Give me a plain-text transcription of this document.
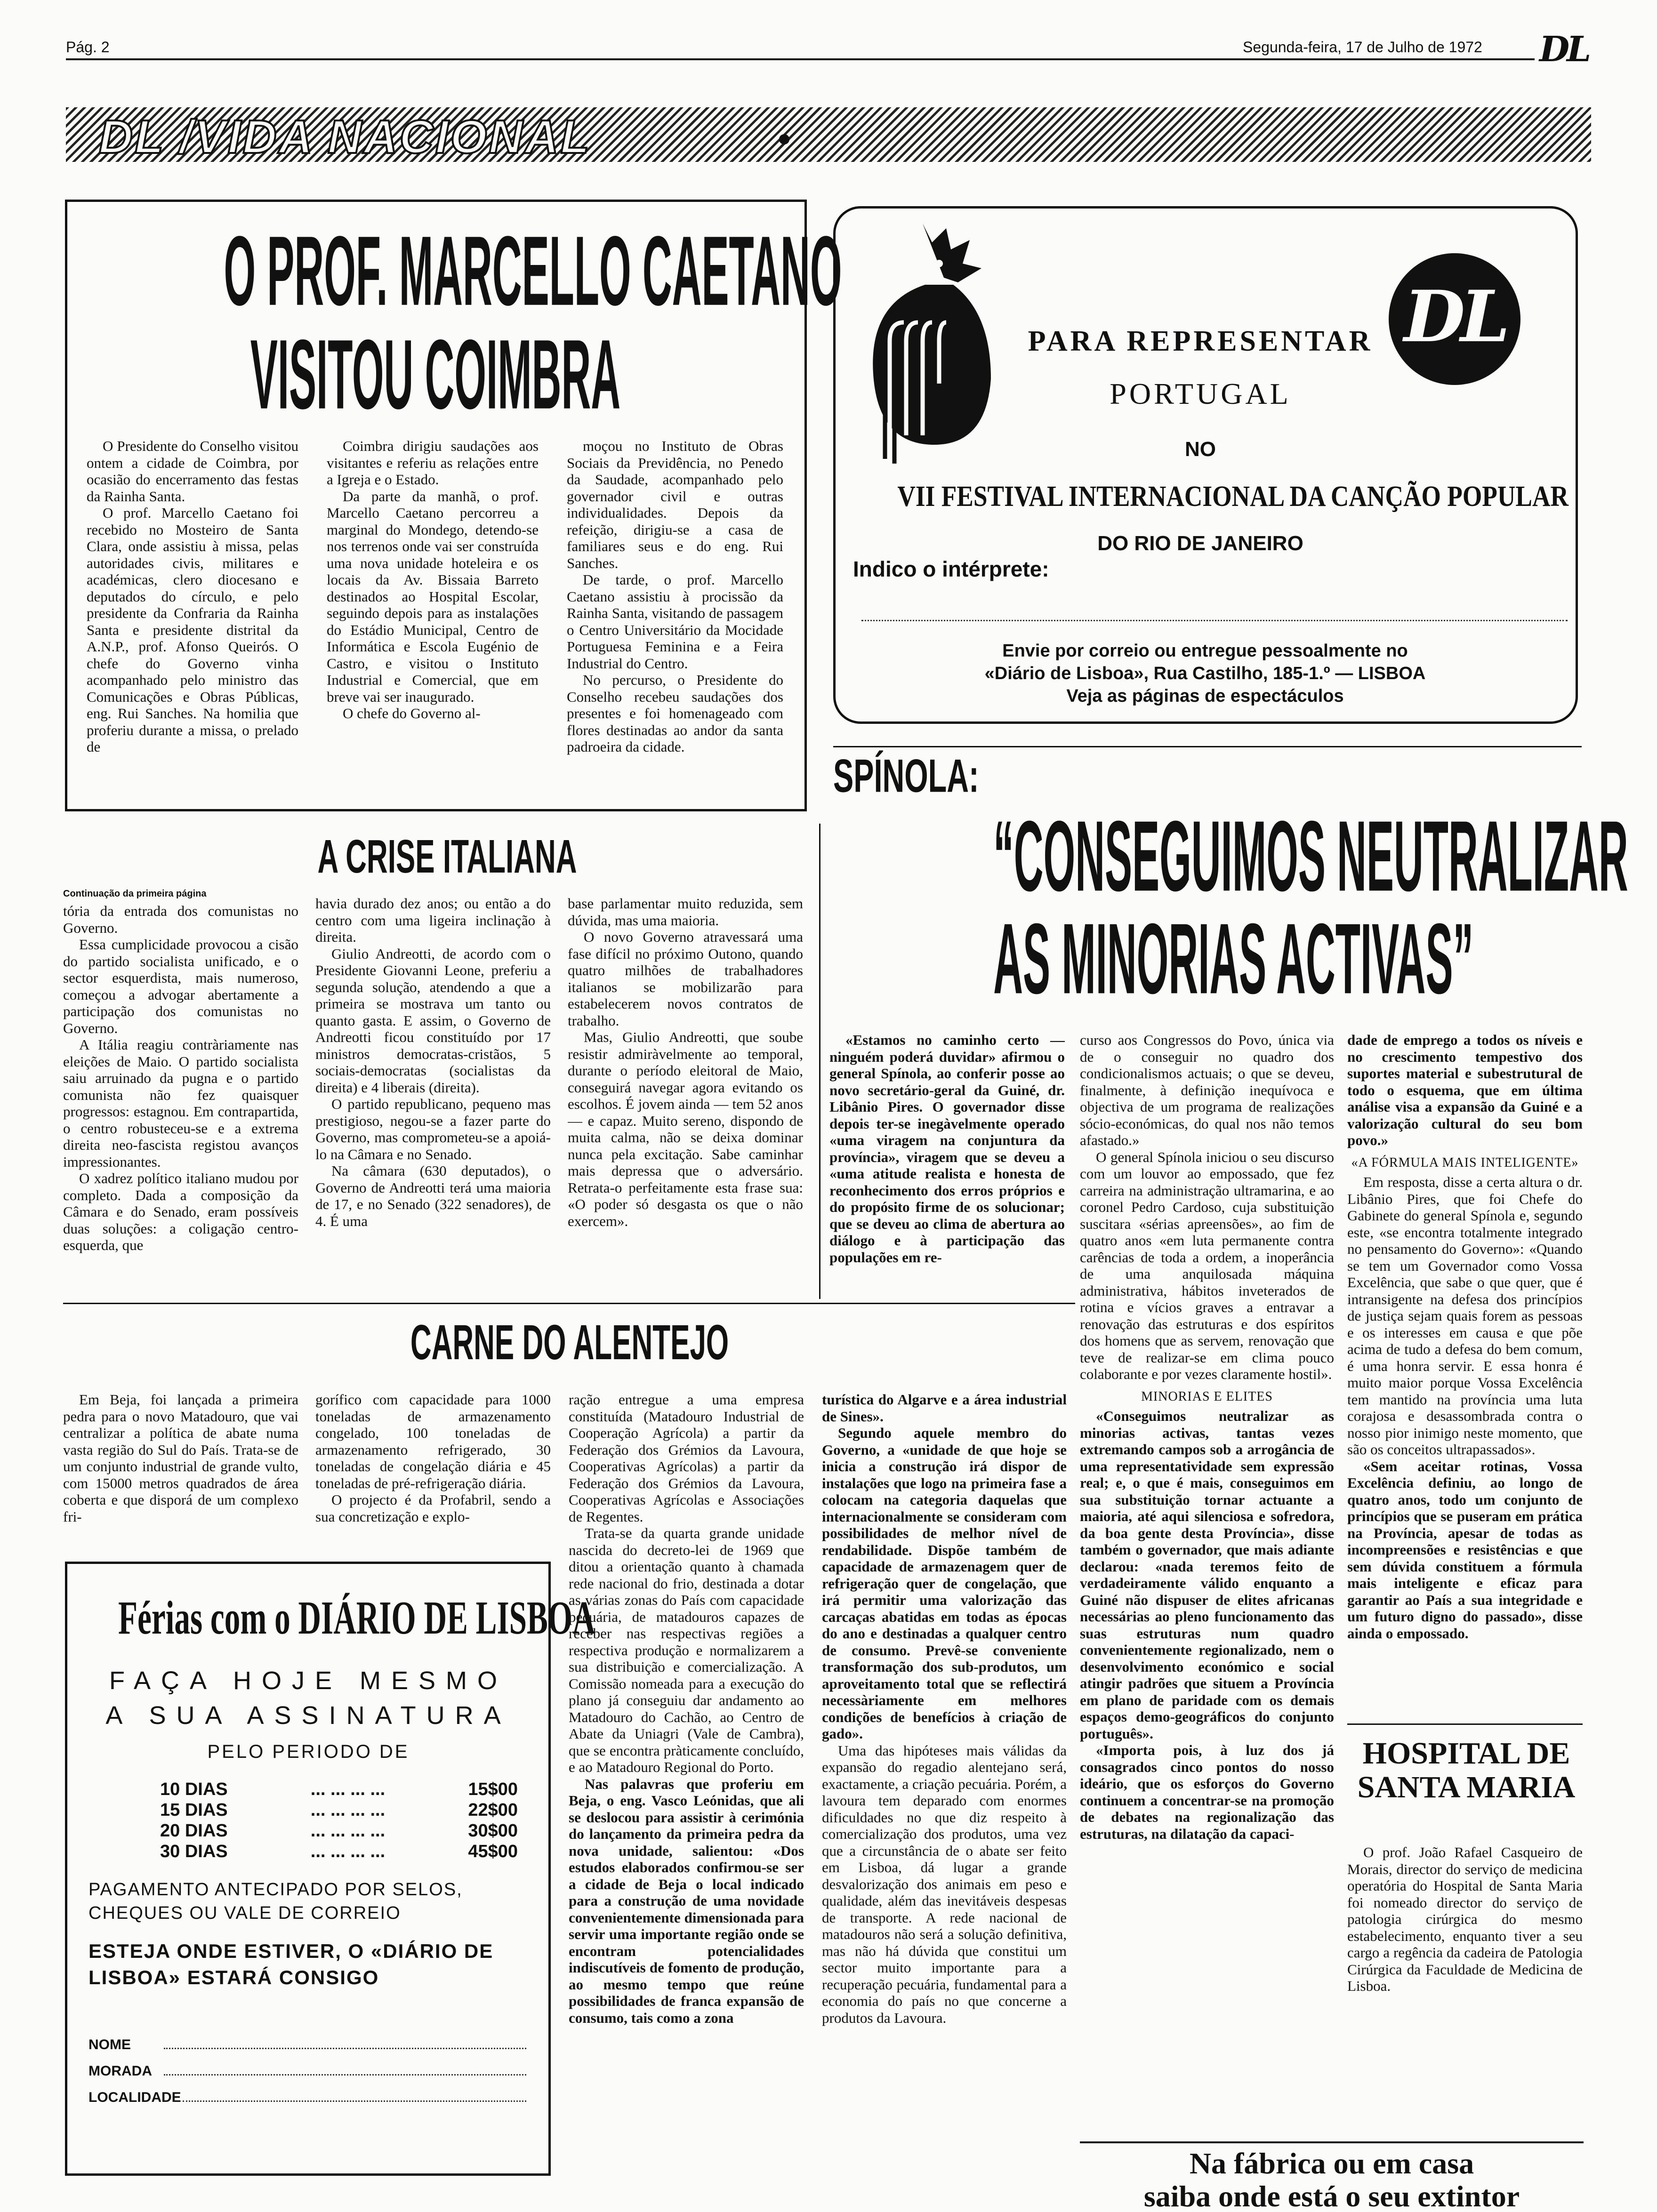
Pág. 2	Segunda-feira, 17 de Julho de 1972 DL
DL /VIDA NACIONAL
O PROF. MARCELLO CAETANO
VISITOU COIMBRA

O Presidente do Conselho visitou ontem a cidade de Coimbra, por ocasião do encerramento das festas da Rainha Santa.

O prof. Marcello Caetano foi recebido no Mosteiro de Santa Clara, onde assistiu à missa, pelas autoridades civis, militares e académicas, clero diocesano e deputados do círculo, e pelo presidente da Confraria da Rainha Santa e presidente distrital da A.N.P., prof. Afonso Queirós. O chefe do Governo vinha acompanhado pelo ministro das Comunicações e Obras Públicas, eng. Rui Sanches. Na homilia que proferiu durante a missa, o prelado de

Coimbra dirigiu saudações aos visitantes e referiu as relações entre a Igreja e o Estado.

Da parte da manhã, o prof. Marcello Caetano percorreu a marginal do Mondego, detendo-se nos terrenos onde vai ser construída uma nova unidade hoteleira e os locais da Av. Bissaia Barreto destinados ao Hospital Escolar, seguindo depois para as instalações do Estádio Municipal, Centro de Informática e Escola Eugénio de Castro, e visitou o Instituto Industrial e Comercial, que em breve vai ser inaugurado.

O chefe do Governo al-

moçou no Instituto de Obras Sociais da Previdência, no Penedo da Saudade, acompanhado pelo governador civil e outras individualidades. Depois da refeição, dirigiu-se a casa de familiares seus e do eng. Rui Sanches.

De tarde, o prof. Marcello Caetano assistiu à procissão da Rainha Santa, visitando de passagem o Centro Universitário da Mocidade Portuguesa Feminina e a Feira Industrial do Centro.

No percurso, o Presidente do Conselho recebeu saudações dos presentes e foi homenageado com flores destinadas ao andor da santa padroeira da cidade.

DL
PARA REPRESENTAR
PORTUGAL
NO
VII FESTIVAL INTERNACIONAL DA CANÇÃO POPULAR
DO RIO DE JANEIRO
Indico o intérprete:
Envie por correio ou entregue pessoalmente no
«Diário de Lisboa», Rua Castilho, 185-1.º — LISBOA
Veja as páginas de espectáculos
A CRISE ITALIANA
Continuação da primeira página

tória da entrada dos comunistas no Governo.

Essa cumplicidade provocou a cisão do partido socialista unificado, e o sector esquerdista, mais numeroso, começou a advogar abertamente a participação dos comunistas no Governo.

A Itália reagiu contràriamente nas eleições de Maio. O partido socialista saiu arruinado da pugna e o partido comunista não fez quaisquer progressos: estagnou. Em contrapartida, o centro robusteceu-se e a extrema direita neo-fascista registou avanços impressionantes.

O xadrez político italiano mudou por completo. Dada a composição da Câmara e do Senado, eram possíveis duas soluções: a coligação centro-esquerda, que

havia durado dez anos; ou então a do centro com uma ligeira inclinação à direita.

Giulio Andreotti, de acordo com o Presidente Giovanni Leone, preferiu a segunda solução, atendendo a que a primeira se mostrava um tanto ou quanto gasta. E assim, o Governo de Andreotti ficou constituído por 17 ministros democratas-cristãos, 5 sociais-democratas (socialistas da direita) e 4 liberais (direita).

O partido republicano, pequeno mas prestigioso, negou-se a fazer parte do Governo, mas comprometeu-se a apoiá-lo na Câmara e no Senado.

Na câmara (630 deputados), o Governo de Andreotti terá uma maioria de 17, e no Senado (322 senadores), de 4. É uma

base parlamentar muito reduzida, sem dúvida, mas uma maioria.

O novo Governo atravessará uma fase difícil no próximo Outono, quando quatro milhões de trabalhadores italianos se mobilizarão para estabelecerem novos contratos de trabalho.

Mas, Giulio Andreotti, que soube resistir admiràvelmente ao temporal, durante o período eleitoral de Maio, conseguirá navegar agora evitando os escolhos. É jovem ainda — tem 52 anos — e capaz. Muito sereno, dispondo de muita calma, não se deixa dominar nunca pela excitação. Sabe caminhar mais depressa que o adversário. Retrata-o perfeitamente esta frase sua: «O poder só desgasta os que o não exercem».

SPÍNOLA:
“CONSEGUIMOS NEUTRALIZAR
AS MINORIAS ACTIVAS”

«Estamos no caminho certo — ninguém poderá duvidar» afirmou o general Spínola, ao conferir posse ao novo secretário-geral da Guiné, dr. Libânio Pires. O governador disse depois ter-se inegàvelmente operado «uma viragem na conjuntura da província», viragem que se deveu a «uma atitude realista e honesta de reconhecimento dos erros próprios e do propósito firme de os solucionar; que se deveu ao clima de abertura ao diálogo e à participação das populações em re-

curso aos Congressos do Povo, única via de o conseguir no quadro dos condicionalismos actuais; o que se deveu, finalmente, à definição inequívoca e objectiva de um programa de realizações sócio-económicas, do qual nos não temos afastado.»

O general Spínola iniciou o seu discurso com um louvor ao empossado, que fez carreira na administração ultramarina, e ao coronel Pedro Cardoso, cuja substituição suscitara «sérias apreensões», ao fim de quatro anos «em luta permanente contra carências de toda a ordem, a inoperância de uma anquilosada máquina administrativa, hábitos inveterados de rotina e vícios graves a entravar a renovação das estruturas e dos espíritos dos homens que as servem, renovação que teve de realizar-se em clima pouco colaborante e por vezes claramente hostil».

MINORIAS E ELITES

«Conseguimos neutralizar as minorias activas, tantas vezes extremando campos sob a arrogância de uma representatividade sem expressão real; e, o que é mais, conseguimos em sua substituição tornar actuante a maioria, até aqui silenciosa e sofredora, da boa gente desta Província», disse também o governador, que mais adiante declarou: «nada teremos feito de verdadeiramente válido enquanto a Guiné não dispuser de elites africanas necessárias ao pleno funcionamento das suas estruturas num quadro convenientemente regionalizado, nem o desenvolvimento económico e social atingir padrões que situem a Província em plano de paridade com os demais espaços demo-geográficos do conjunto português».

«Importa pois, à luz dos já consagrados cinco pontos do nosso ideário, que os esforços do Governo continuem a concentrar-se na promoção de debates na regionalização das estruturas, na dilatação da capaci-

dade de emprego a todos os níveis e no crescimento tempestivo dos suportes material e subestrutural de todo o esquema, que em última análise visa a expansão da Guiné e a valorização cultural do seu bom povo.»

«A FÓRMULA MAIS INTELIGENTE»

Em resposta, disse a certa altura o dr. Libânio Pires, que foi Chefe do Gabinete do general Spínola e, segundo este, «se encontra totalmente integrado no pensamento do Governo»: «Quando se tem um Governador como Vossa Excelência, que sabe o que quer, que é intransigente na defesa dos princípios de justiça sejam quais forem as pessoas e os interesses em causa e que põe acima de tudo a defesa do bem comum, é uma honra servir. E essa honra é muito maior porque Vossa Excelência tem mantido na província uma luta corajosa e desassombrada contra o nosso pior inimigo neste momento, que são os conceitos ultrapassados».

«Sem aceitar rotinas, Vossa Excelência definiu, ao longo de quatro anos, todo um conjunto de princípios que se puseram em prática na Província, apesar de todas as incompreensões e resistências e que sem dúvida constituem a fórmula mais inteligente e eficaz para garantir ao País a sua integridade e um futuro digno do passado», disse ainda o empossado.

CARNE DO ALENTEJO

Em Beja, foi lançada a primeira pedra para o novo Matadouro, que vai centralizar a política de abate numa vasta região do Sul do País. Trata-se de um conjunto industrial de grande vulto, com 15000 metros quadrados de área coberta e que disporá de um complexo fri-

gorífico com capacidade para 1000 toneladas de armazenamento congelado, 100 toneladas de armazenamento refrigerado, 30 toneladas de congelação diária e 45 toneladas de pré-refrigeração diária.

O projecto é da Profabril, sendo a sua concretização e explo-

ração entregue a uma empresa constituída (Matadouro Industrial de Cooperação Agrícola) a partir da Federação dos Grémios da Lavoura, Cooperativas Agrícolas) a partir da Federação dos Grémios da Lavoura, Cooperativas Agrícolas e Associações de Regentes.

Trata-se da quarta grande unidade nascida do decreto-lei de 1969 que ditou a orientação quanto à chamada rede nacional do frio, destinada a dotar as várias zonas do País com capacidade pecuária, de matadouros capazes de receber nas respectivas regiões a respectiva produção e normalizarem a sua distribuição e comercialização. A Comissão nomeada para a execução do plano já conseguiu dar andamento ao Matadouro do Cachão, ao Centro de Abate da Uniagri (Vale de Cambra), que se encontra pràticamente concluído, e ao Matadouro Regional do Porto.

Nas palavras que proferiu em Beja, o eng. Vasco Leónidas, que ali se deslocou para assistir à cerimónia do lançamento da primeira pedra da nova unidade, salientou: «Dos estudos elaborados confirmou-se ser a cidade de Beja o local indicado para a construção de uma novidade convenientemente dimensionada para servir uma importante região onde se encontram potencialidades indiscutíveis de fomento de produção, ao mesmo tempo que reúne possibilidades de franca expansão de consumo, tais como a zona

turística do Algarve e a área industrial de Sines».

Segundo aquele membro do Governo, a «unidade de que hoje se inicia a construção irá dispor de instalações que logo na primeira fase a colocam na categoria daquelas que internacionalmente se consideram com possibilidades de melhor nível de rendabilidade. Dispõe também de capacidade de armazenagem quer de refrigeração quer de congelação, que irá permitir uma valorização das carcaças abatidas em todas as épocas do ano e destinadas a qualquer centro de consumo. Prevê-se conveniente transformação dos sub-produtos, um aproveitamento total que se reflectirá necessàriamente em melhores condições de benefícios à criação de gado».

Uma das hipóteses mais válidas da expansão do regadio alentejano será, exactamente, a criação pecuária. Porém, a lavoura tem deparado com enormes dificuldades no que diz respeito à comercialização dos produtos, uma vez que a circunstância de o abate ser feito em Lisboa, dá lugar a grande desvalorização dos animais em peso e qualidade, além das inevitáveis despesas de transporte. A rede nacional de matadouros não será a solução definitiva, mas não há dúvida que constitui um sector muito importante para a recuperação pecuária, fundamental para a economia do país no que concerne a produtos da Lavoura.

Férias com o DIÁRIO DE LISBOA
FAÇA HOJE MESMO
A SUA ASSINATURA
PELO PERIODO DE
10 DIAS	... ... ... ...	15$00
15 DIAS	... ... ... ...	22$00
20 DIAS	... ... ... ...	30$00
30 DIAS	... ... ... ...	45$00
PAGAMENTO ANTECIPADO POR SELOS, CHEQUES OU VALE DE CORREIO
ESTEJA ONDE ESTIVER, O «DIÁRIO DE LISBOA» ESTARÁ CONSIGO
NOME
MORADA
LOCALIDADE
HOSPITAL DE SANTA MARIA

O prof. João Rafael Casqueiro de Morais, director do serviço de medicina operatória do Hospital de Santa Maria foi nomeado director do serviço de patologia cirúrgica do mesmo estabelecimento, enquanto tiver a seu cargo a regência da cadeira de Patologia Cirúrgica da Faculdade de Medicina de Lisboa.

Na fábrica ou em casa
saiba onde está o seu extintor
